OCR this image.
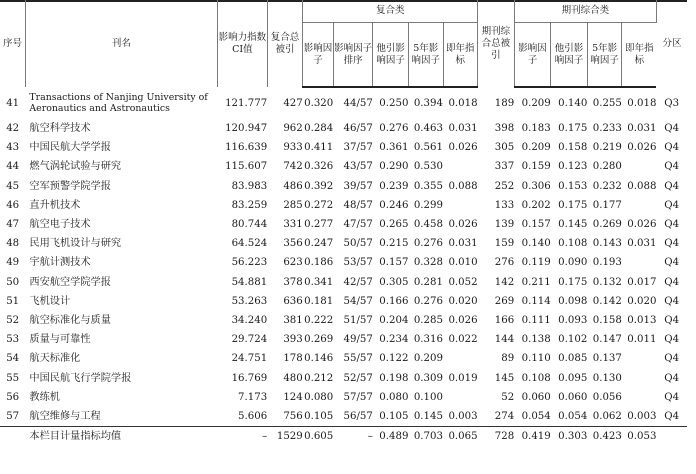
序号	刊名	影响力指数CI值	复合总被引	复合类					期刊综合总被引	期刊综合类				分区
				影响因子	影响因子排序	他引影响因子	5年影响因子	即年指标		影响因子	他引影响因子	5年影响因子	即年指标	
41	Transactions of Nanjing University of Aeronautics and Astronautics	121.777	427	0.320	44/57	0.250	0.394	0.018	189	0.209	0.140	0.255	0.018	Q3
42	航空科学技术	120.947	962	0.284	46/57	0.276	0.463	0.031	398	0.183	0.175	0.233	0.031	Q4
43	中国民航大学学报	116.639	933	0.411	37/57	0.361	0.561	0.026	305	0.209	0.158	0.219	0.026	Q4
44	燃气涡轮试验与研究	115.607	742	0.326	43/57	0.290	0.530		337	0.159	0.123	0.280		Q4
45	空军预警学院学报	83.983	486	0.392	39/57	0.239	0.355	0.088	252	0.306	0.153	0.232	0.088	Q4
46	直升机技术	83.259	285	0.272	48/57	0.246	0.299		133	0.202	0.175	0.177		Q4
47	航空电子技术	80.744	331	0.277	47/57	0.265	0.458	0.026	139	0.157	0.145	0.269	0.026	Q4
48	民用飞机设计与研究	64.524	356	0.247	50/57	0.215	0.276	0.031	159	0.140	0.108	0.143	0.031	Q4
49	宇航计测技术	56.223	623	0.186	53/57	0.157	0.328	0.010	276	0.119	0.090	0.193		Q4
50	西安航空学院学报	54.881	378	0.341	42/57	0.305	0.281	0.052	142	0.211	0.175	0.132	0.017	Q4
51	飞机设计	53.263	636	0.181	54/57	0.166	0.276	0.020	269	0.114	0.098	0.142	0.020	Q4
52	航空标准化与质量	34.240	381	0.222	51/57	0.204	0.285	0.026	166	0.111	0.093	0.158	0.013	Q4
53	质量与可靠性	29.724	393	0.269	49/57	0.234	0.316	0.022	144	0.138	0.102	0.147	0.011	Q4
54	航天标准化	24.751	178	0.146	55/57	0.122	0.209		89	0.110	0.085	0.137		Q4
55	中国民航飞行学院学报	16.769	480	0.212	52/57	0.198	0.309	0.019	145	0.108	0.095	0.130		Q4
56	教练机	7.173	124	0.080	57/57	0.080	0.100		52	0.060	0.060	0.056		Q4
57	航空维修与工程	5.606	756	0.105	56/57	0.105	0.145	0.003	274	0.054	0.054	0.062	0.003	Q4
	本栏目计量指标均值	–	1529	0.605	–	0.489	0.703	0.065	728	0.419	0.303	0.423	0.053	
